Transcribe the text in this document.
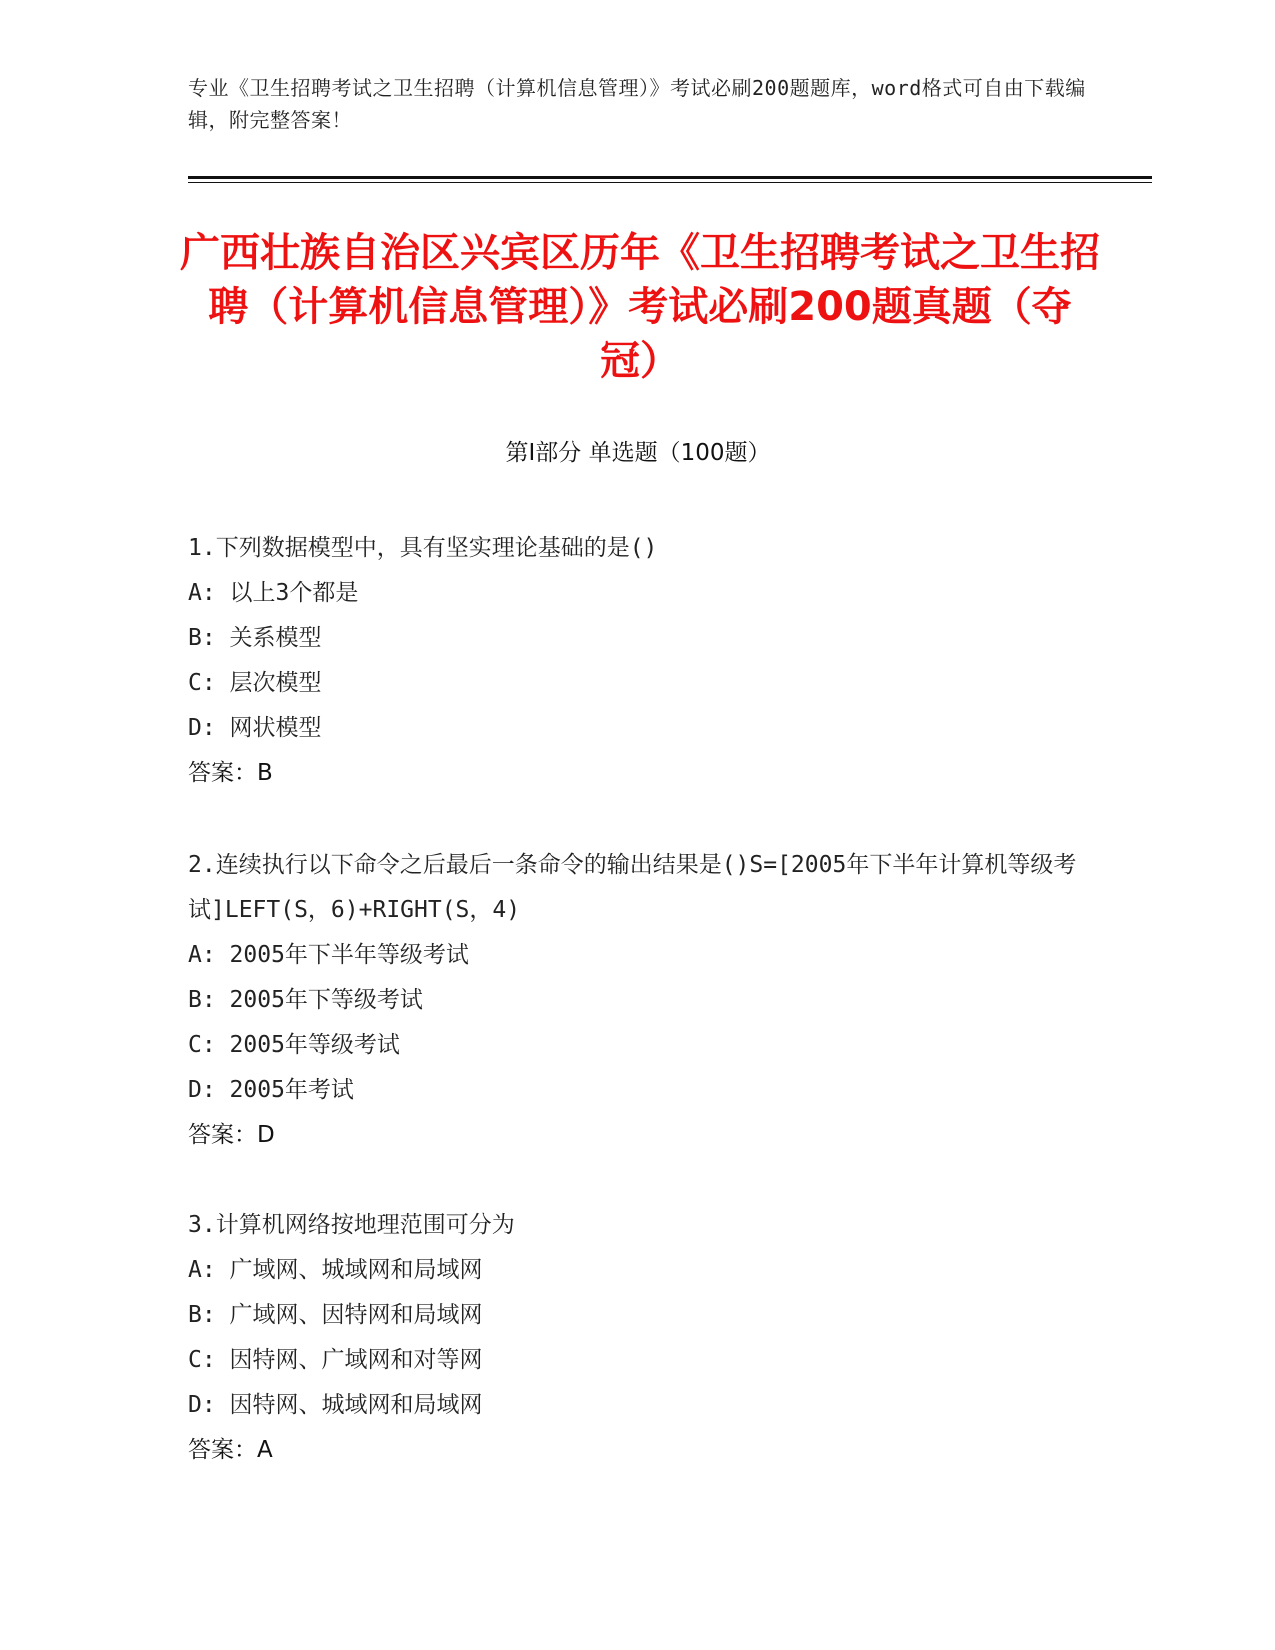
专业《卫生招聘考试之卫生招聘（计算机信息管理）》考试必刷200题题库，word格式可自由下载编辑，附完整答案！
广西壮族自治区兴宾区历年《卫生招聘考试之卫生招聘（计算机信息管理）》考试必刷200题真题（夺冠）
第Ⅰ部分 单选题（100题）
1.下列数据模型中，具有坚实理论基础的是()
A: 以上3个都是
B: 关系模型
C: 层次模型
D: 网状模型
答案：B
2.连续执行以下命令之后最后一条命令的输出结果是()S=[2005年下半年计算机等级考试]LEFT(S，6)+RIGHT(S，4)
A: 2005年下半年等级考试
B: 2005年下等级考试
C: 2005年等级考试
D: 2005年考试
答案：D
3.计算机网络按地理范围可分为
A: 广域网、城域网和局域网
B: 广域网、因特网和局域网
C: 因特网、广域网和对等网
D: 因特网、城域网和局域网
答案：A
